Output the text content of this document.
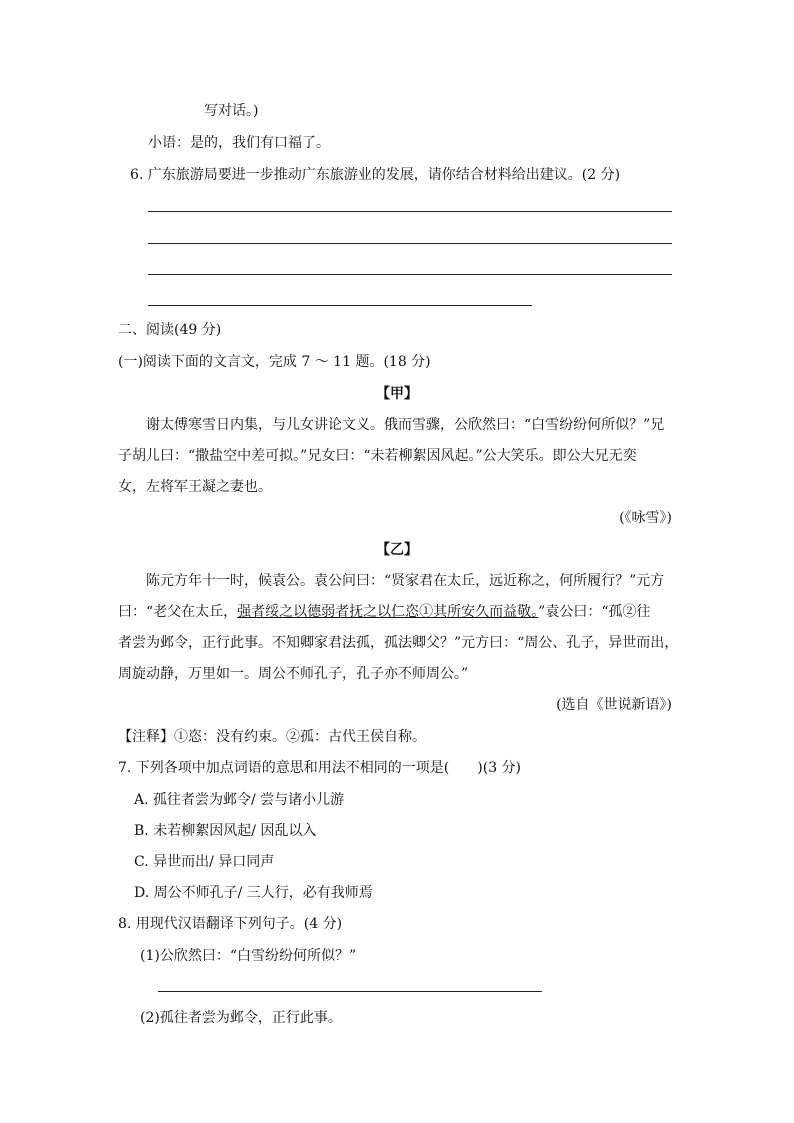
写对话。)
小语：是的，我们有口福了。
6. 广东旅游局要进一步推动广东旅游业的发展，请你结合材料给出建议。(2 分)
二、阅读(49 分)
(一)阅读下面的文言文，完成 7 ～ 11 题。(18 分)
【甲】
谢太傅寒雪日内集，与儿女讲论文义。俄而雪骤，公欣然曰：“白雪纷纷何所似？”兄
子胡儿曰：“撒盐空中差可拟。”兄女曰：“未若柳絮因风起。”公大笑乐。即公大兄无奕
女，左将军王凝之妻也。
(《咏雪》)
【乙】
陈元方年十一时，候袁公。袁公问曰：“贤家君在太丘，远近称之，何所履行？”元方
曰：“老父在太丘，强者绥之以德弱者抚之以仁恣①其所安久而益敬。”袁公曰：“孤②往
者尝为邺令，正行此事。不知卿家君法孤，孤法卿父？”元方曰：“周公、孔子，异世而出，
周旋动静，万里如一。周公不师孔子，孔子亦不师周公。”
(选自《世说新语》)
【注释】①恣：没有约束。②孤：古代王侯自称。
7. 下列各项中加点词语的意思和用法不相同的一项是(　　)(3 分)
A. 孤往者尝为邺令/ 尝与诸小儿游
B. 未若柳絮因风起/ 因乱以入
C. 异世而出/ 异口同声
D. 周公不师孔子/ 三人行，必有我师焉
8. 用现代汉语翻译下列句子。(4 分)
(1)公欣然曰：“白雪纷纷何所似？”
(2)孤往者尝为邺令，正行此事。
